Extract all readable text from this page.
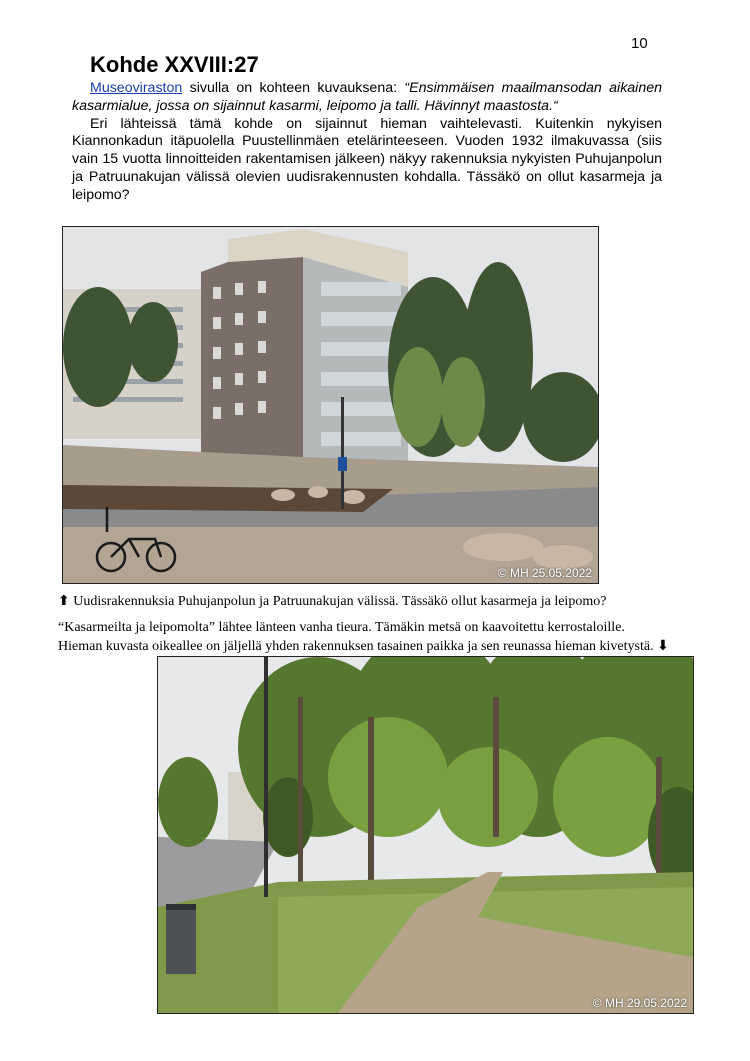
10
Kohde XXVIII:27

Museoviraston sivulla on kohteen kuvauksena: “Ensimmäisen maailmansodan aikainen kasarmialue, jossa on sijainnut kasarmi, leipomo ja talli. Hävinnyt maastosta.“

Eri lähteissä tämä kohde on sijainnut hieman vaihtelevasti. Kuitenkin nykyisen Kiannonkadun itäpuolella Puustellinmäen etelärinteeseen. Vuoden 1932 ilmakuvassa (siis vain 15 vuotta linnoitteiden rakentamisen jälkeen) näkyy rakennuksia nykyisten Puhujanpolun ja Patruunakujan välissä olevien uudisrakennusten kohdalla. Tässäkö on ollut kasarmeja ja leipomo?

© MH 25.05.2022
⬆ Uudisrakennuksia Puhujanpolun ja Patruunakujan välissä. Tässäkö ollut kasarmeja ja leipomo?
“Kasarmeilta ja leipomolta” lähtee länteen vanha tieura. Tämäkin metsä on kaavoitettu kerrostaloille.
Hieman kuvasta oikeallee on jäljellä yhden rakennuksen tasainen paikka ja sen reunassa hieman kivetystä. ⬇
© MH 29.05.2022
